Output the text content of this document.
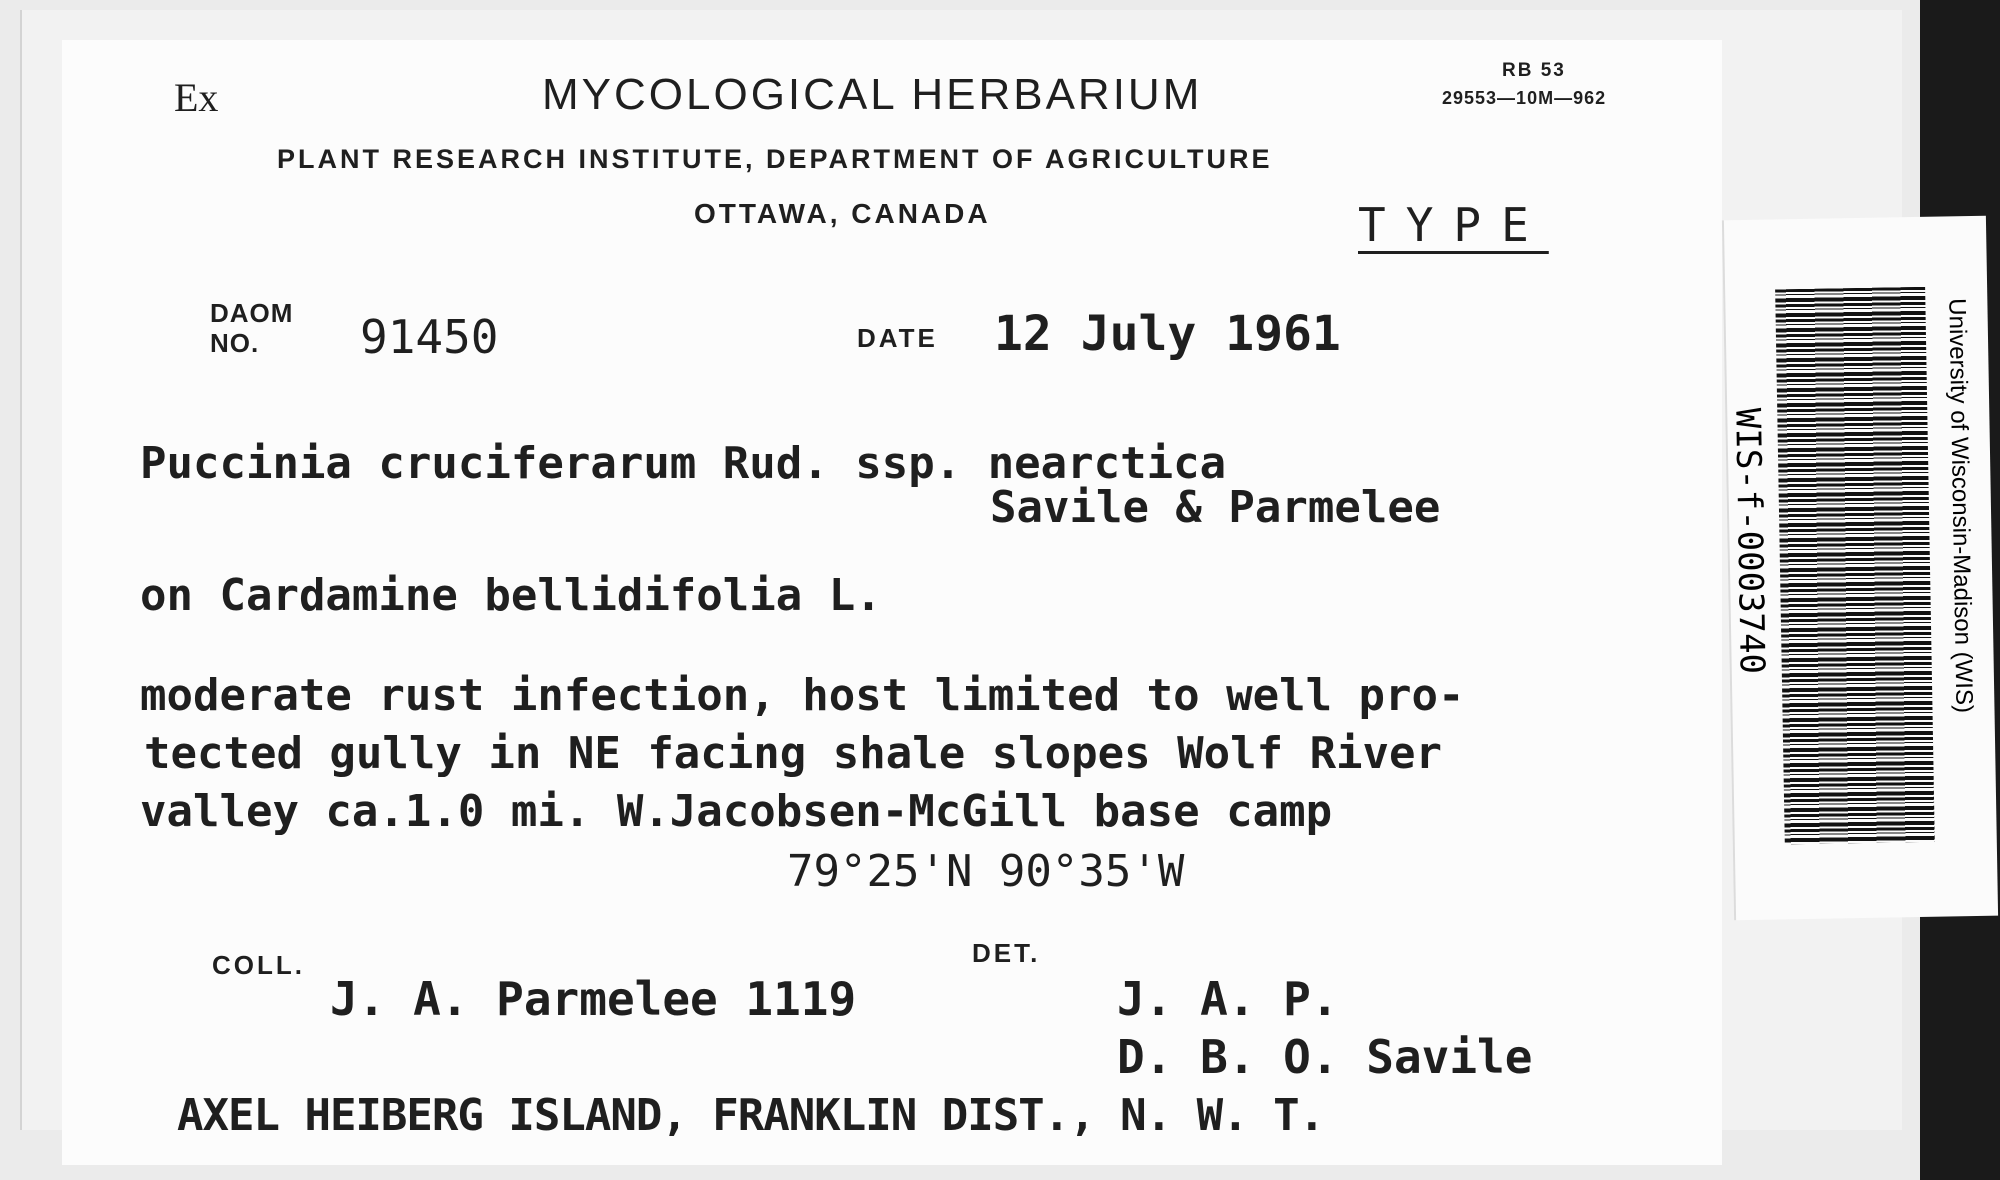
Ex	MYCOLOGICAL HERBARIUM	RB 53
29553—10M—962
PLANT RESEARCH INSTITUTE, DEPARTMENT OF AGRICULTURE
OTTAWA, CANADA	TYPE
DAOM
NO. 91450	DATE 12 July 1961
Puccinia cruciferarum Rud. ssp. nearctica
Savile & Parmelee
on Cardamine bellidifolia L.
moderate rust infection, host limited to well pro-
tected gully in NE facing shale slopes Wolf River
valley ca.1.0 mi. W.Jacobsen-McGill base camp
79°25'N 90°35'W
COLL.
J. A. Parmelee 1119
DET.
J. A. P.
D. B. O. Savile
AXEL HEIBERG ISLAND, FRANKLIN DIST., N. W. T.
WIS-f-0003740	University of Wisconsin-Madison (WIS)
